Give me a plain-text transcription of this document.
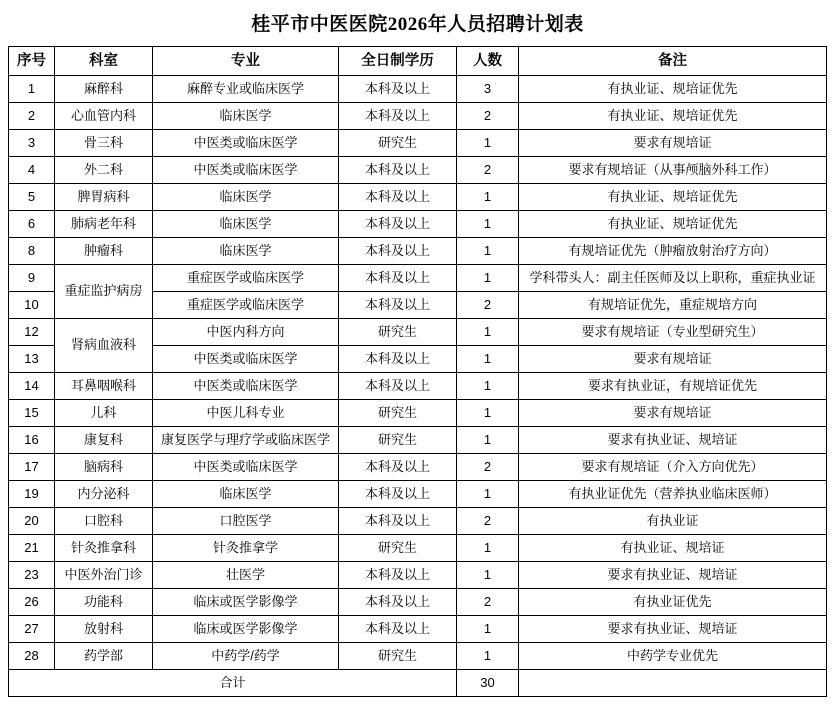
桂平市中医医院2026年人员招聘计划表
序号	科室	专业	全日制学历	人数	备注
1	麻醉科	麻醉专业或临床医学	本科及以上	3	有执业证、规培证优先
2	心血管内科	临床医学	本科及以上	2	有执业证、规培证优先
3	骨三科	中医类或临床医学	研究生	1	要求有规培证
4	外二科	中医类或临床医学	本科及以上	2	要求有规培证（从事颅脑外科工作）
5	脾胃病科	临床医学	本科及以上	1	有执业证、规培证优先
6	肺病老年科	临床医学	本科及以上	1	有执业证、规培证优先
8	肿瘤科	临床医学	本科及以上	1	有规培证优先（肿瘤放射治疗方向）
9	重症监护病房	重症医学或临床医学	本科及以上	1	学科带头人：副主任医师及以上职称，重症执业证
10		重症医学或临床医学	本科及以上	2	有规培证优先，重症规培方向
12	肾病血液科	中医内科方向	研究生	1	要求有规培证（专业型研究生）
13		中医类或临床医学	本科及以上	1	要求有规培证
14	耳鼻咽喉科	中医类或临床医学	本科及以上	1	要求有执业证，有规培证优先
15	儿科	中医儿科专业	研究生	1	要求有规培证
16	康复科	康复医学与理疗学或临床医学	研究生	1	要求有执业证、规培证
17	脑病科	中医类或临床医学	本科及以上	2	要求有规培证（介入方向优先）
19	内分泌科	临床医学	本科及以上	1	有执业证优先（营养执业临床医师）
20	口腔科	口腔医学	本科及以上	2	有执业证
21	针灸推拿科	针灸推拿学	研究生	1	有执业证、规培证
23	中医外治门诊	壮医学	本科及以上	1	要求有执业证、规培证
26	功能科	临床或医学影像学	本科及以上	2	有执业证优先
27	放射科	临床或医学影像学	本科及以上	1	要求有执业证、规培证
28	药学部	中药学/药学	研究生	1	中药学专业优先
合计				30	
